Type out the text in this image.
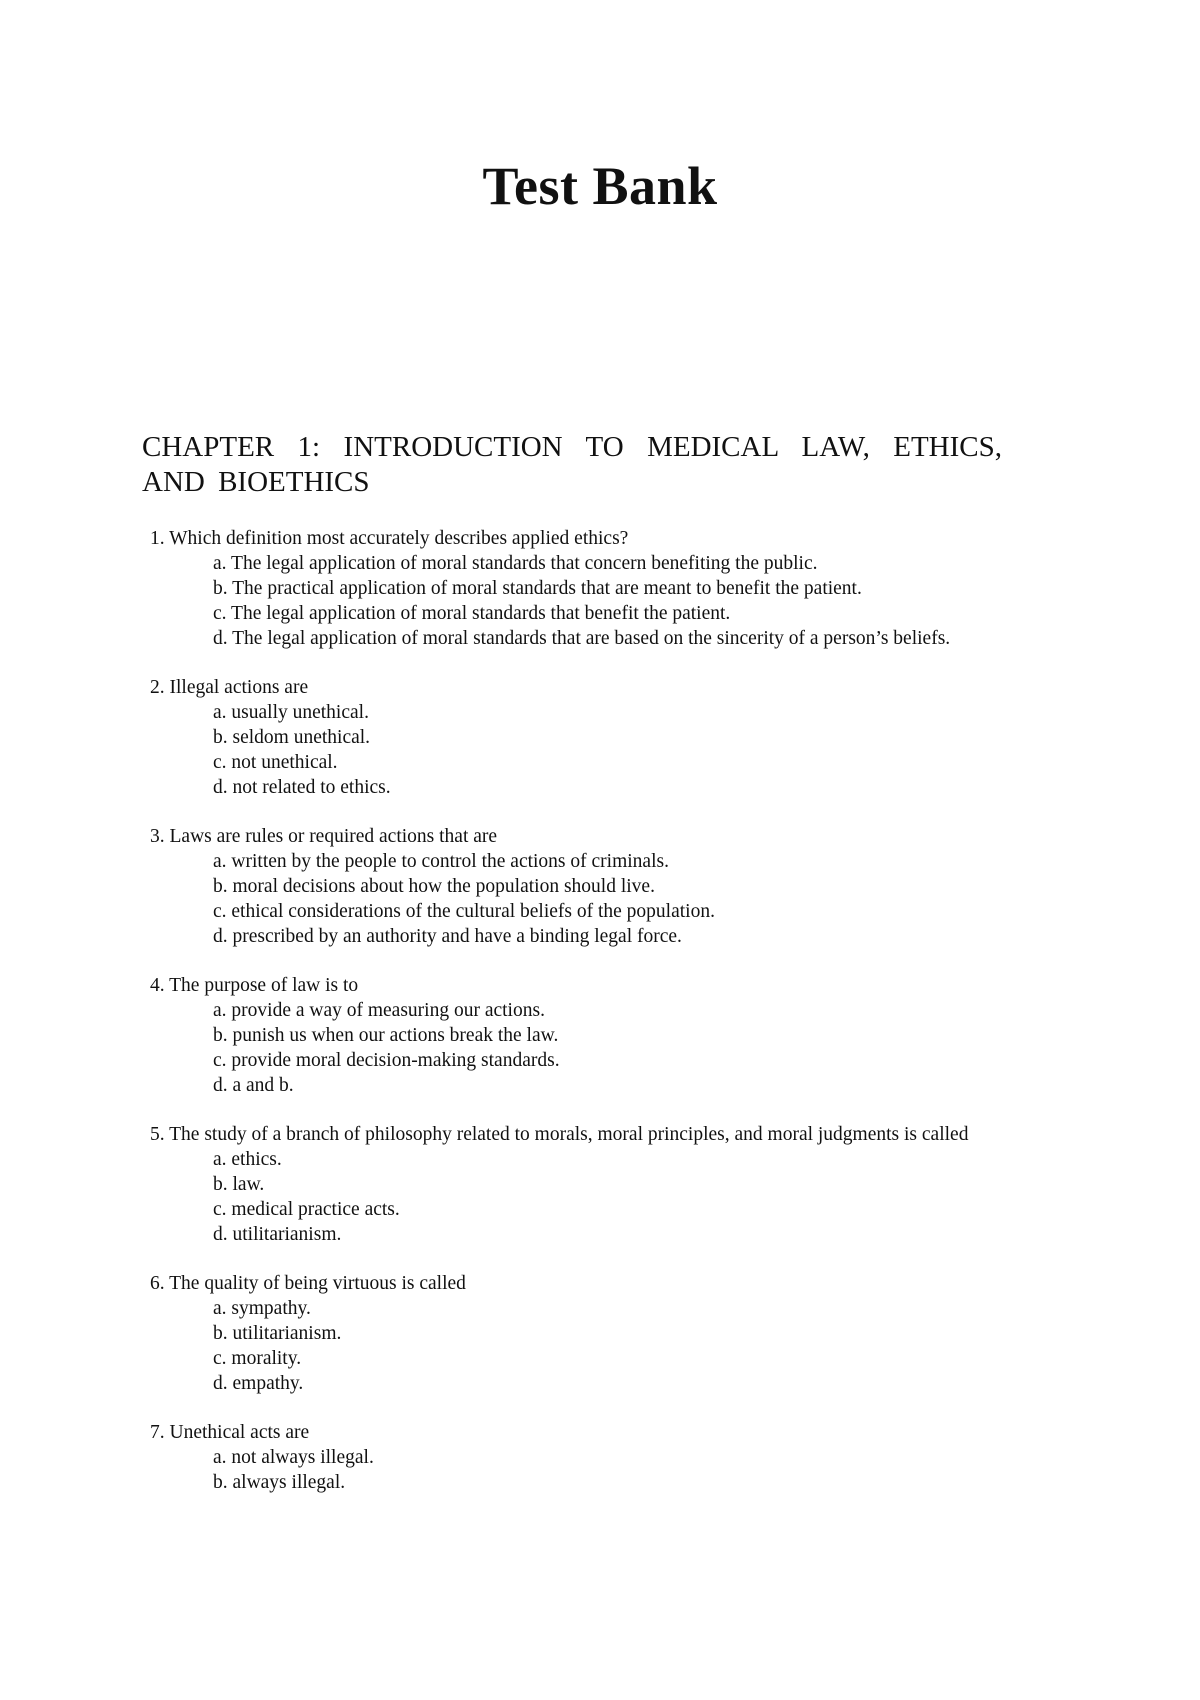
Test Bank
CHAPTER 1: INTRODUCTION TO MEDICAL LAW, ETHICS, AND BIOETHICS
1. Which definition most accurately describes applied ethics?
a. The legal application of moral standards that concern benefiting the public.
b. The practical application of moral standards that are meant to benefit the patient.
c. The legal application of moral standards that benefit the patient.
d. The legal application of moral standards that are based on the sincerity of a person’s beliefs.
2. Illegal actions are
a. usually unethical.
b. seldom unethical.
c. not unethical.
d. not related to ethics.
3. Laws are rules or required actions that are
a. written by the people to control the actions of criminals.
b. moral decisions about how the population should live.
c. ethical considerations of the cultural beliefs of the population.
d. prescribed by an authority and have a binding legal force.
4. The purpose of law is to
a. provide a way of measuring our actions.
b. punish us when our actions break the law.
c. provide moral decision-making standards.
d. a and b.
5. The study of a branch of philosophy related to morals, moral principles, and moral judgments is called
a. ethics.
b. law.
c. medical practice acts.
d. utilitarianism.
6. The quality of being virtuous is called
a. sympathy.
b. utilitarianism.
c. morality.
d. empathy.
7. Unethical acts are
a. not always illegal.
b. always illegal.
